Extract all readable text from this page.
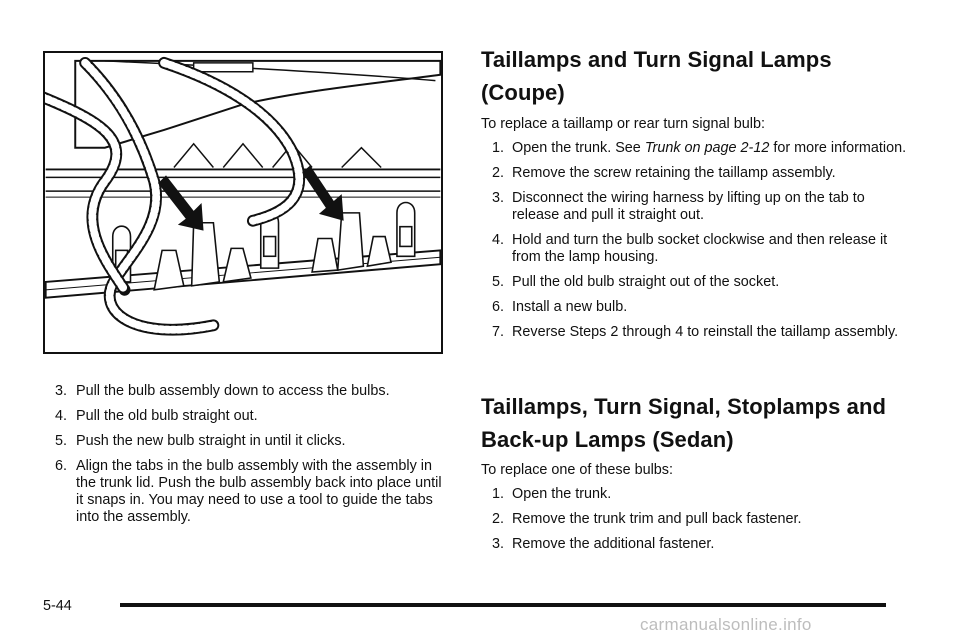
3. Pull the bulb assembly down to access the bulbs.
4. Pull the old bulb straight out.
5. Push the new bulb straight in until it clicks.
6. Align the tabs in the bulb assembly with the assembly in the trunk lid. Push the bulb assembly back into place until it snaps in. You may need to use a tool to guide the tabs into the assembly.
Taillamps and Turn Signal Lamps (Coupe)

To replace a taillamp or rear turn signal bulb:

1. Open the trunk. See Trunk on page 2-12 for more information.
2. Remove the screw retaining the taillamp assembly.
3. Disconnect the wiring harness by lifting up on the tab to release and pull it straight out.
4. Hold and turn the bulb socket clockwise and then release it from the lamp housing.
5. Pull the old bulb straight out of the socket.
6. Install a new bulb.
7. Reverse Steps 2 through 4 to reinstall the taillamp assembly.
Taillamps, Turn Signal, Stoplamps and Back-up Lamps (Sedan)

To replace one of these bulbs:

1. Open the trunk.
2. Remove the trunk trim and pull back fastener.
3. Remove the additional fastener.
5-44
carmanualsonline.info
